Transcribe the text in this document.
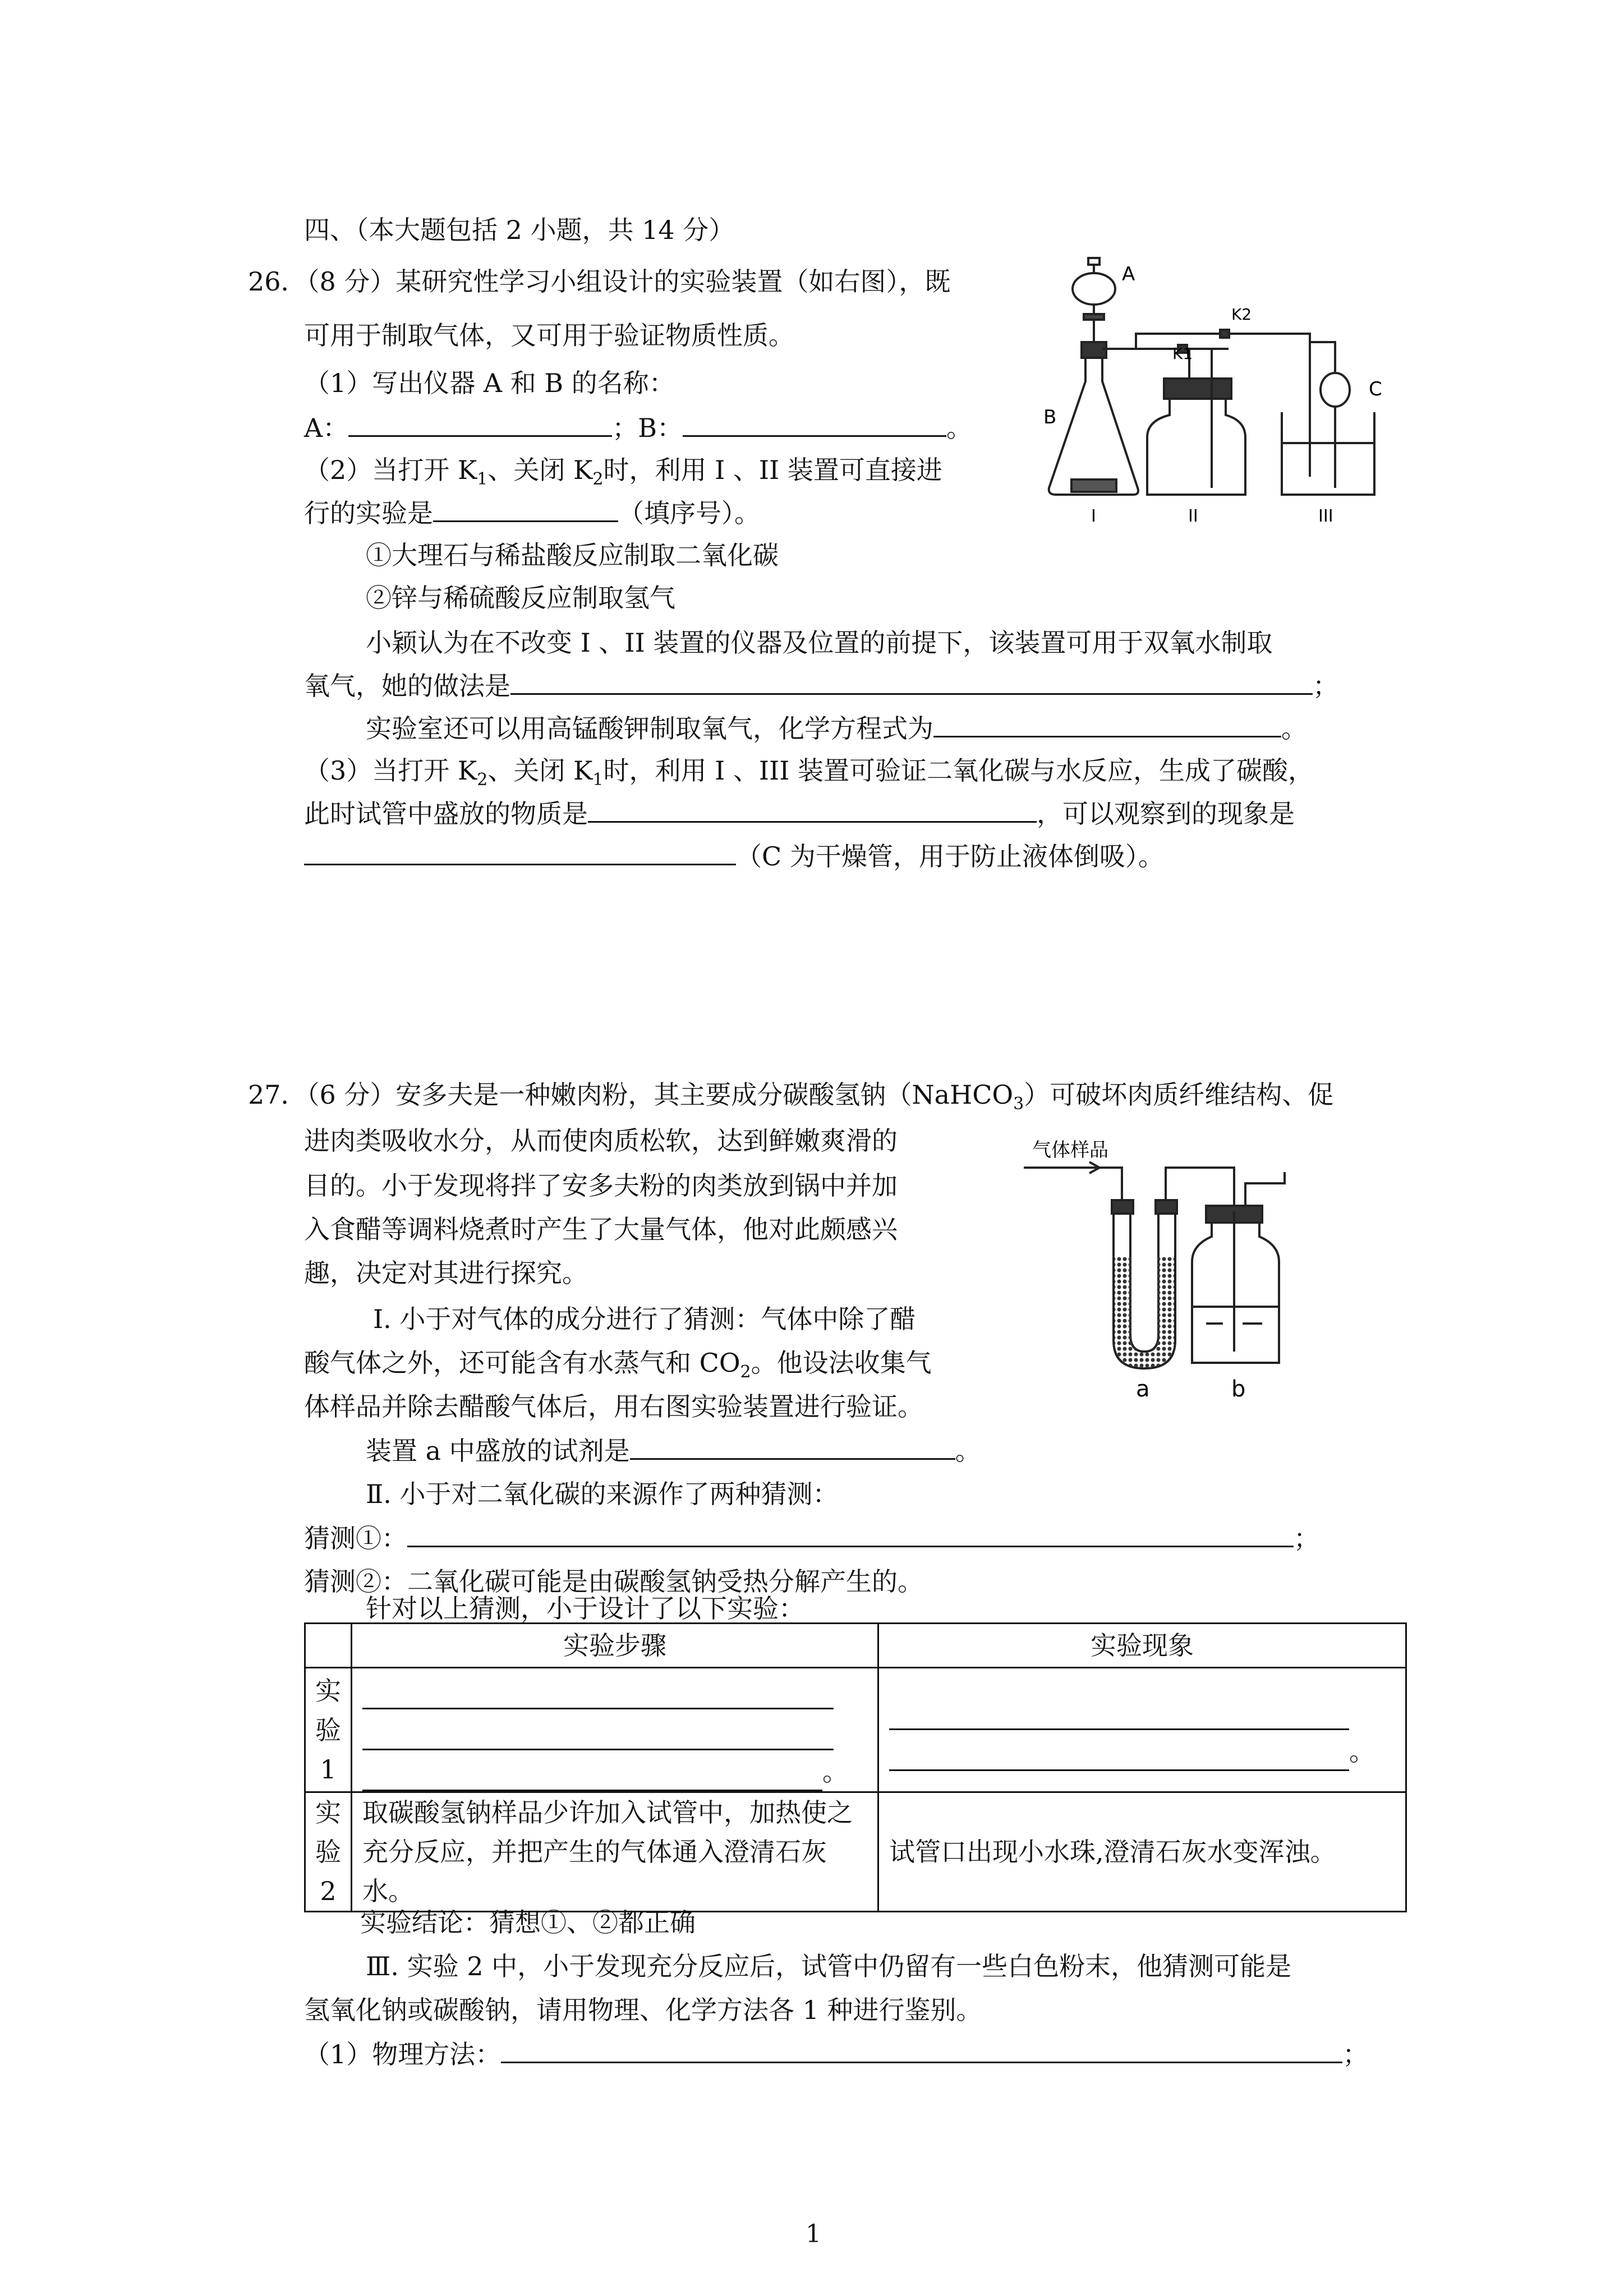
四、（本大题包括 2 小题，共 14 分）
26．（8 分）某研究性学习小组设计的实验装置（如右图），既
可用于制取气体，又可用于验证物质性质。
（1）写出仪器 A 和 B 的名称：
A：	；B：	。
（2）当打开 $K_1$、关闭 $K_2$时，利用 I 、II 装置可直接进
行的实验是	（填序号）。
①大理石与稀盐酸反应制取二氧化碳
②锌与稀硫酸反应制取氢气
小颖认为在不改变 I 、II 装置的仪器及位置的前提下，该装置可用于双氧水制取
氧气，她的做法是	；
实验室还可以用高锰酸钾制取氧气，化学方程式为	。
（3）当打开 $K_2$、关闭 $K_1$时，利用 I 、III 装置可验证二氧化碳与水反应，生成了碳酸，
此时试管中盛放的物质是	，可以观察到的现象是
（C 为干燥管，用于防止液体倒吸）。
A
B
C
K1
K2
I	II	III
27．（6 分）安多夫是一种嫩肉粉，其主要成分碳酸氢钠（NaHCO$_3$）可破坏肉质纤维结构、促
进肉类吸收水分，从而使肉质松软，达到鲜嫩爽滑的
目的。小于发现将拌了安多夫粉的肉类放到锅中并加
入食醋等调料烧煮时产生了大量气体，他对此颇感兴
趣，决定对其进行探究。
Ⅰ. 小于对气体的成分进行了猜测：气体中除了醋
酸气体之外，还可能含有水蒸气和 $CO_2$。他设法收集气
体样品并除去醋酸气体后，用右图实验装置进行验证。
装置 a 中盛放的试剂是	。
Ⅱ. 小于对二氧化碳的来源作了两种猜测：
猜测①：	；
猜测②：二氧化碳可能是由碳酸氢钠受热分解产生的。
针对以上猜测，小于设计了以下实验：
气体样品
a	b
	实验步骤	实验现象

实
验
1	。	。

实
验
2	取碳酸氢钠样品少许加入试管中，加热使之充分反应，并把产生的气体通入澄清石灰水。	试管口出现小水珠,澄清石灰水变浑浊。
实验结论：猜想①、②都正确
Ⅲ. 实验 2 中，小于发现充分反应后，试管中仍留有一些白色粉末，他猜测可能是
氢氧化钠或碳酸钠，请用物理、化学方法各 1 种进行鉴别。
（1）物理方法：	；
1
